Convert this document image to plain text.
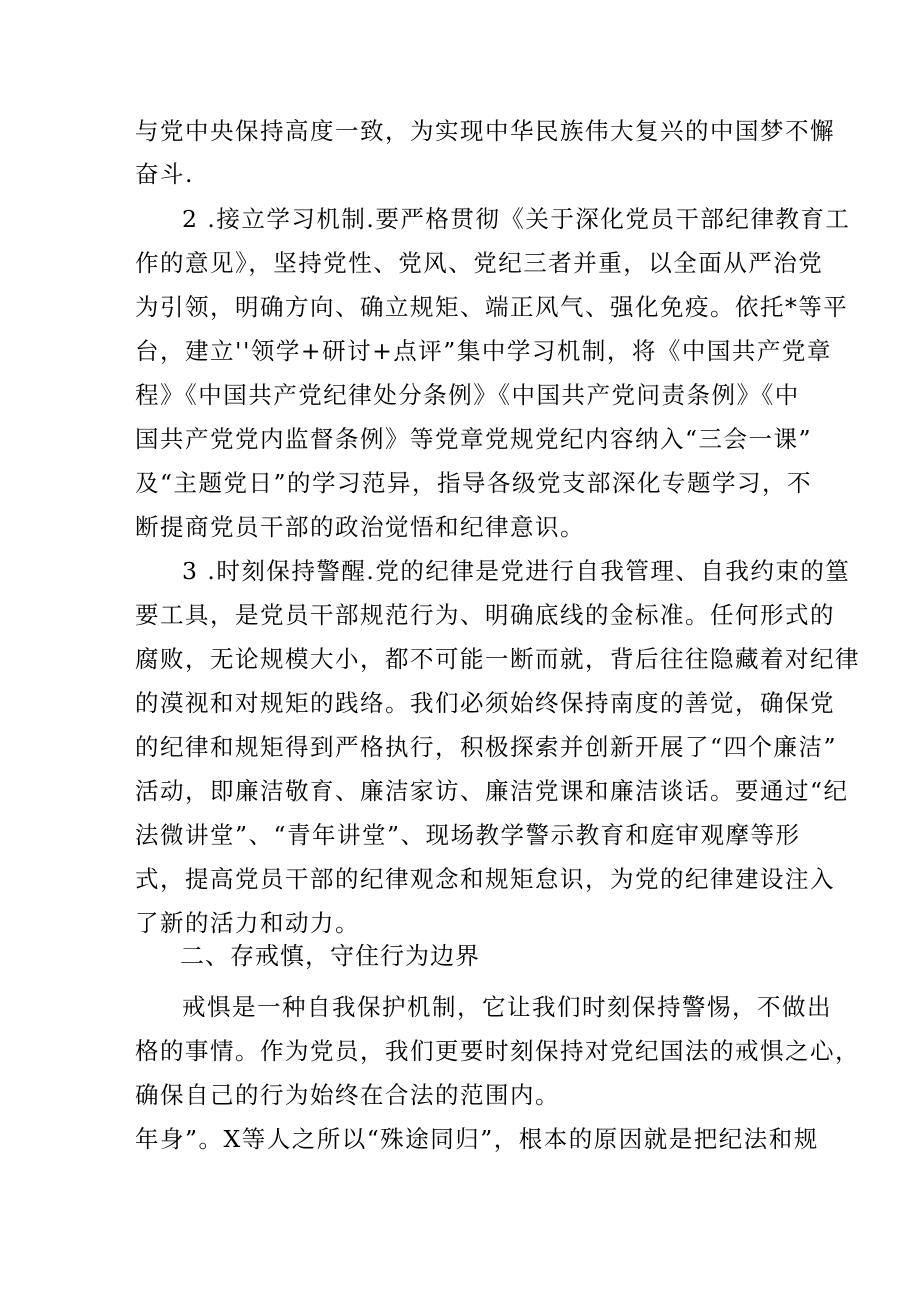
与党中央保持高度一致，为实现中华民族伟大复兴的中国梦不懈
奋斗.
2 .接立学习机制.要严格贯彻《关于深化党员干部纪律教育工
作的意见》，坚持党性、党风、党纪三者并重，以全面从严治党
为引领，明确方向、确立规矩、端正风气、强化免疫。依托*等平
台，建立''领学+研讨+点评”集中学习机制，将《中国共产党章
程》《中国共产党纪律处分条例》《中国共产党问责条例》《中
国共产党党内监督条例》等党章党规党纪内容纳入“三会一课”
及“主题党日”的学习范异，指导各级党支部深化专题学习，不
断提商党员干部的政治觉悟和纪律意识。
3 .时刻保持警醒.党的纪律是党进行自我管理、自我约束的篁
要工具，是党员干部规范行为、明确底线的金标准。任何形式的
腐败，无论规模大小，都不可能一断而就，背后往往隐藏着对纪律
的漠视和对规矩的践络。我们必须始终保持南度的善觉，确保党
的纪律和规矩得到严格执行，积极探索并创新开展了“四个廉洁”
活动，即廉洁敬育、廉洁家访、廉洁党课和廉洁谈话。要通过“纪
法微讲堂”、“青年讲堂”、现场教学警示教育和庭审观摩等形
式，提高党员干部的纪律观念和规矩怠识，为党的纪律建设注入
了新的活力和动力。
二、存戒慎，守住行为边界
戒惧是一种自我保护机制，它让我们时刻保持警惕，不做出
格的事情。作为党员，我们更要时刻保持对党纪国法的戒惧之心，
确保自己的行为始终在合法的范围内。
年身”。X等人之所以“殊途同归”，根本的原因就是把纪法和规
